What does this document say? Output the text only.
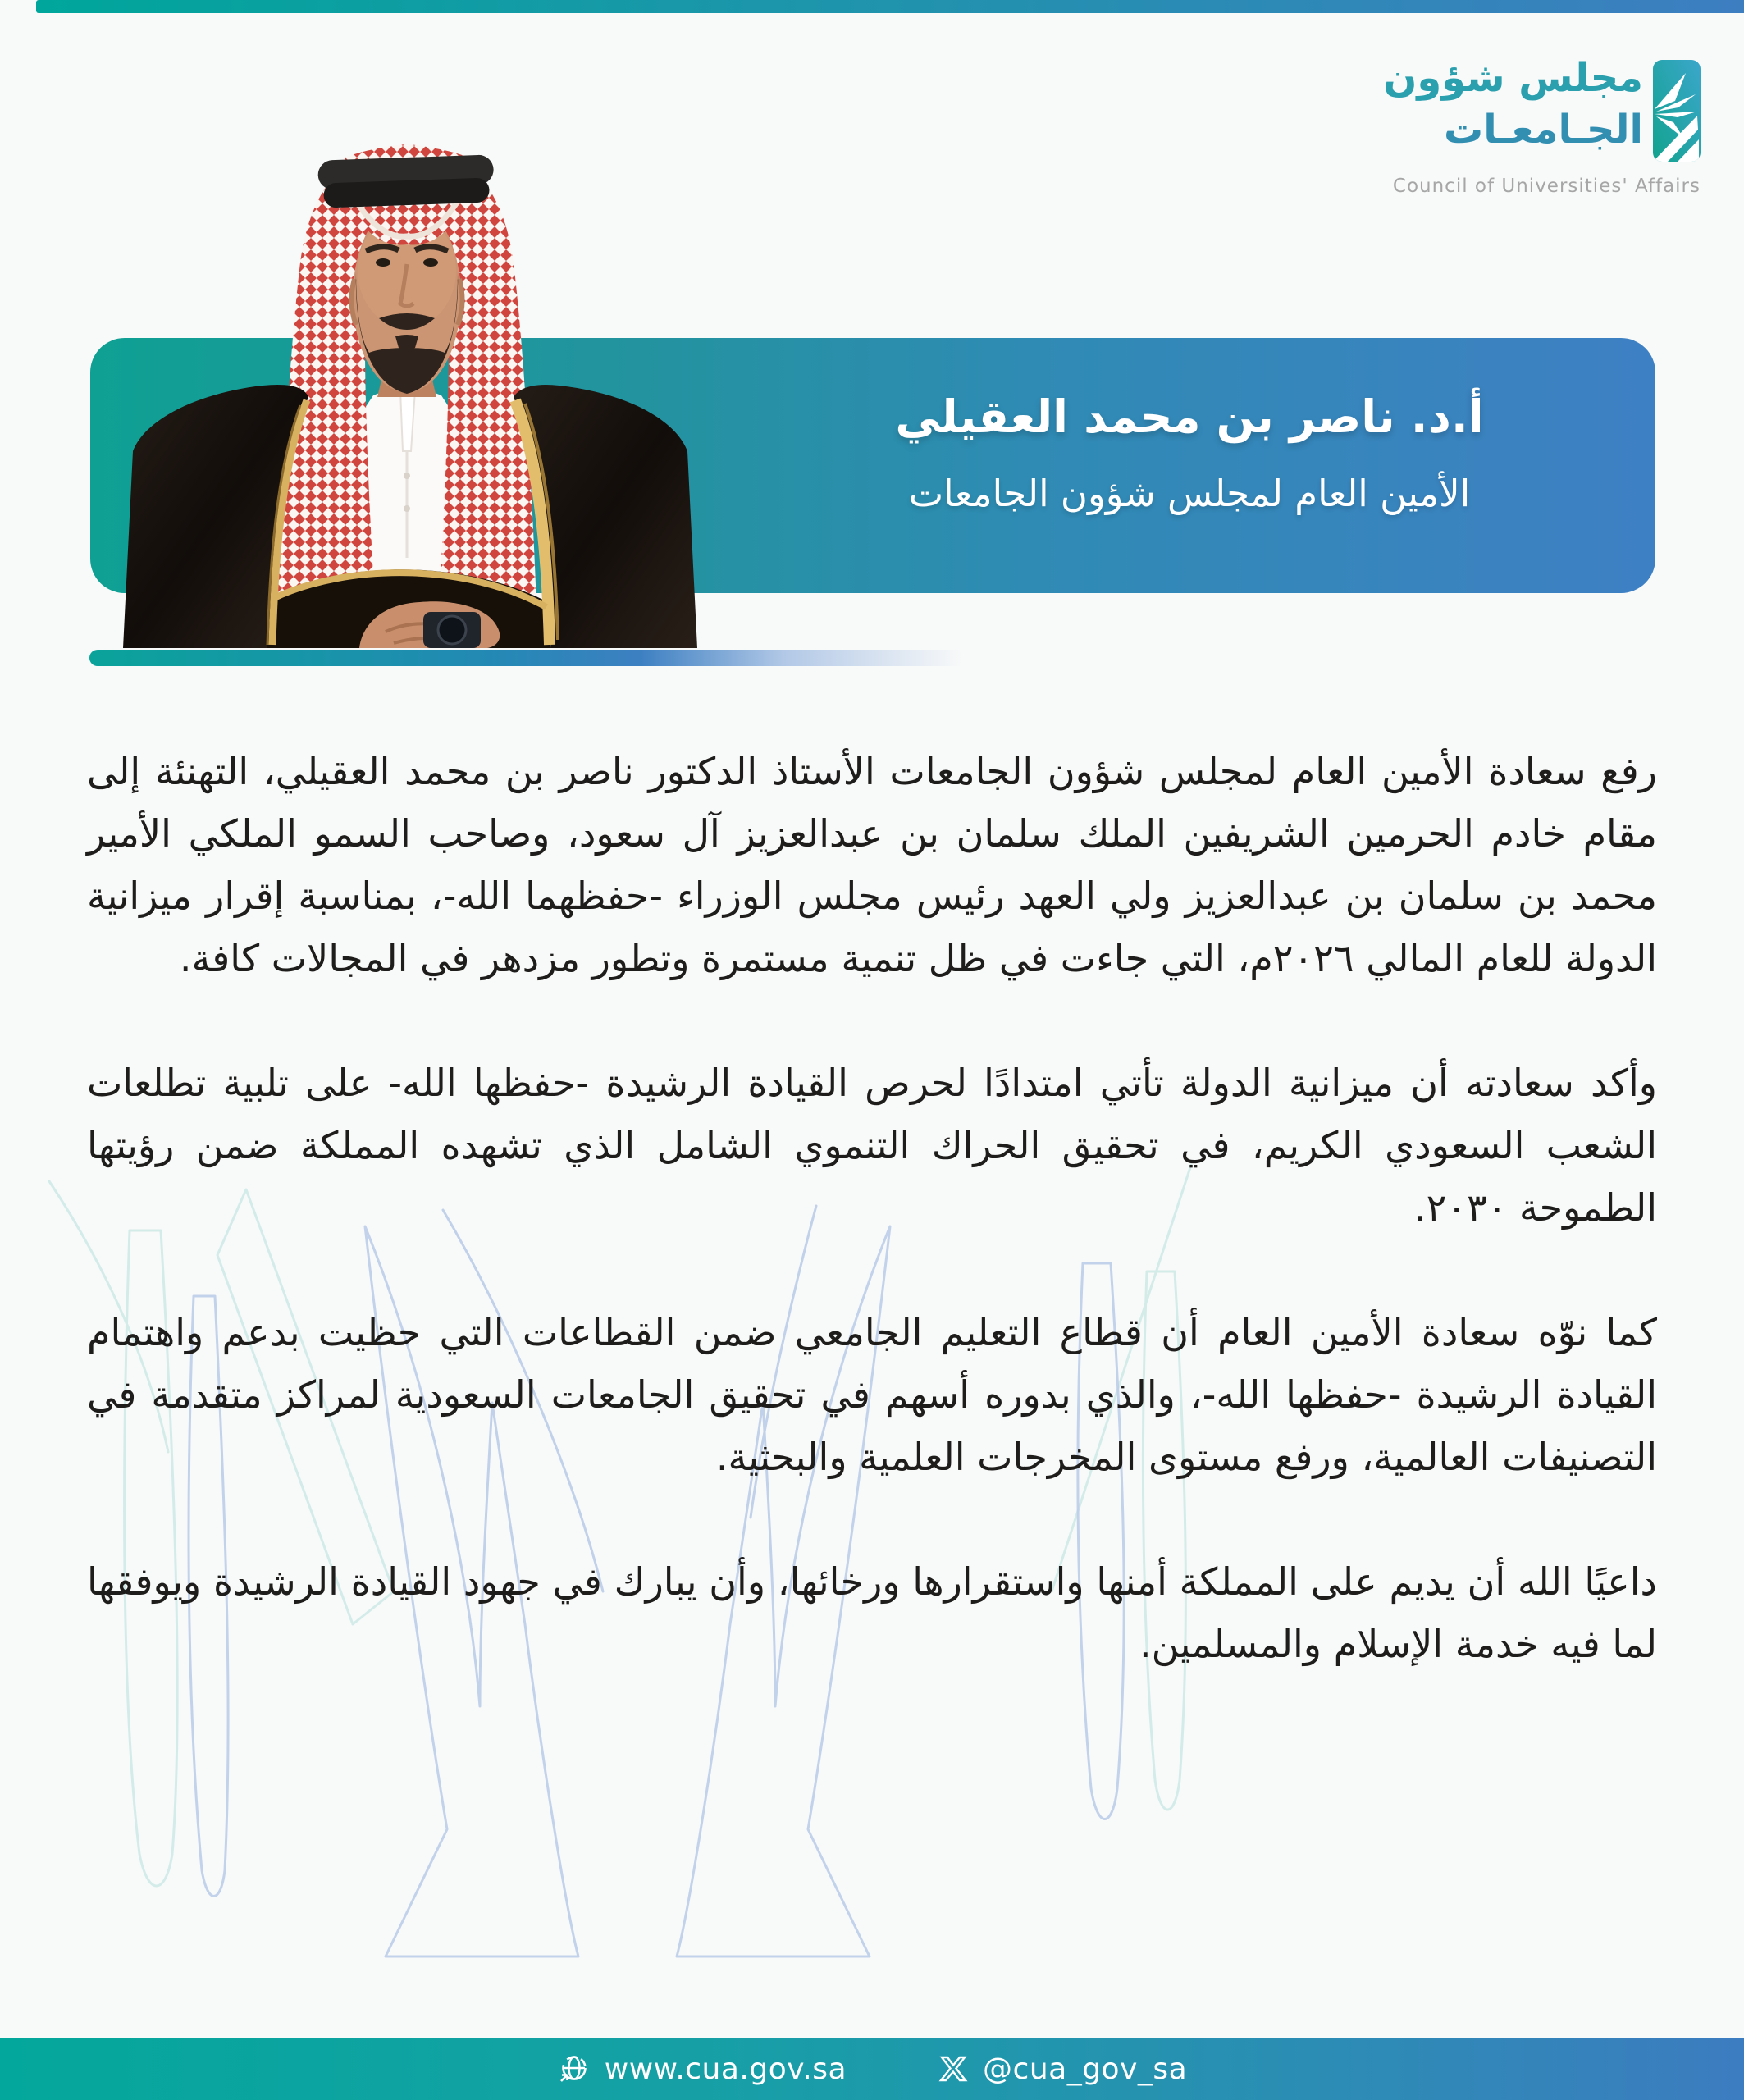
مجلس شؤون
الجـامعـات
Council of Universities' Affairs
أ.د. ناصر بن محمد العقيلي
الأمين العام لمجلس شؤون الجامعات

رفع سعادة الأمين العام لمجلس شؤون الجامعات الأستاذ الدكتور ناصر بن محمد العقيلي، التهنئة إلى مقام خادم الحرمين الشريفين الملك سلمان بن عبدالعزيز آل سعود، وصاحب السمو الملكي الأمير محمد بن سلمان بن عبدالعزيز ولي العهد رئيس مجلس الوزراء -حفظهما الله-، بمناسبة إقرار ميزانية الدولة للعام المالي ٢٠٢٦م، التي جاءت في ظل تنمية مستمرة وتطور مزدهر في المجالات كافة.

وأكد سعادته أن ميزانية الدولة تأتي امتدادًا لحرص القيادة الرشيدة -حفظها الله- على تلبية تطلعات الشعب السعودي الكريم، في تحقيق الحراك التنموي الشامل الذي تشهده المملكة ضمن رؤيتها الطموحة ٢٠٣٠.

كما نوّه سعادة الأمين العام أن قطاع التعليم الجامعي ضمن القطاعات التي حظيت بدعم واهتمام القيادة الرشيدة -حفظها الله-، والذي بدوره أسهم في تحقيق الجامعات السعودية لمراكز متقدمة في التصنيفات العالمية، ورفع مستوى المخرجات العلمية والبحثية.

داعيًا الله أن يديم على المملكة أمنها واستقرارها ورخائها، وأن يبارك في جهود القيادة الرشيدة ويوفقها لما فيه خدمة الإسلام والمسلمين.

@cua_gov_sa
www.cua.gov.sa
